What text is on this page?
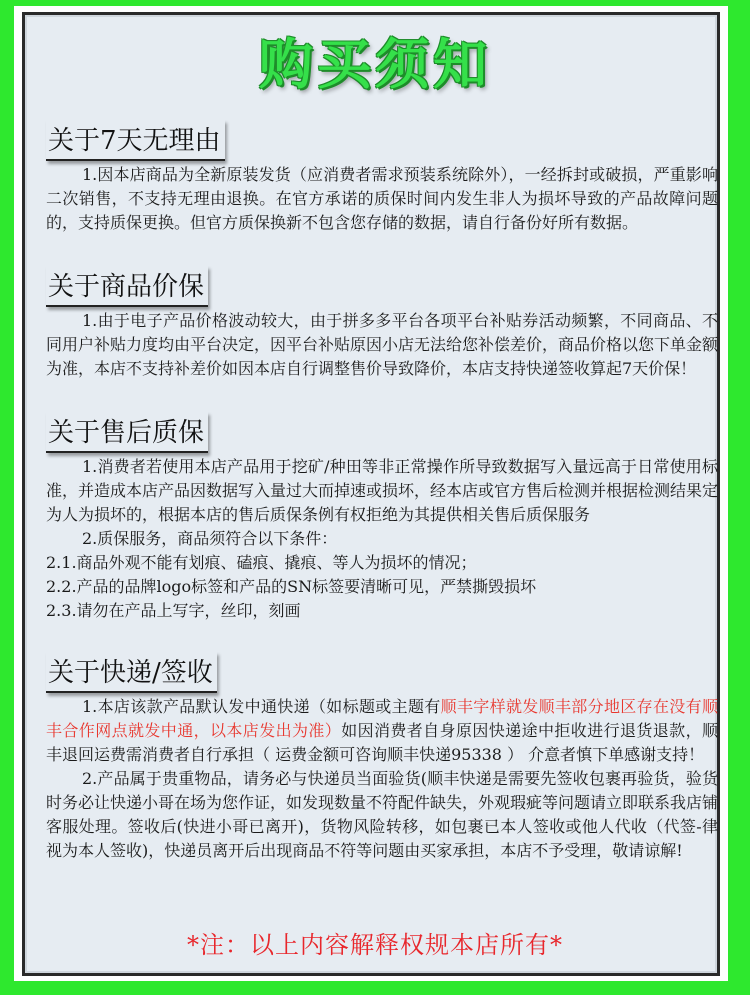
购买须知
关于7天无理由

1.因本店商品为全新原装发货（应消费者需求预装系统除外），一经拆封或破损，严重影响二次销售，不支持无理由退换。在官方承诺的质保时间内发生非人为损坏导致的产品故障问题的，支持质保更换。但官方质保换新不包含您存储的数据，请自行备份好所有数据。

关于商品价保

1.由于电子产品价格波动较大，由于拼多多平台各项平台补贴券活动频繁，不同商品、不同用户补贴力度均由平台决定，因平台补贴原因小店无法给您补偿差价，商品价格以您下单金额为准，本店不支持补差价如因本店自行调整售价导致降价，本店支持快递签收算起7天价保！

关于售后质保

1.消费者若使用本店产品用于挖矿/种田等非正常操作所导致数据写入量远高于日常使用标准，并造成本店产品因数据写入量过大而掉速或损坏，经本店或官方售后检测并根据检测结果定为人为损坏的，根据本店的售后质保条例有权拒绝为其提供相关售后质保服务

2.质保服务，商品须符合以下条件：

2.1.商品外观不能有划痕、磕痕、撬痕、等人为损坏的情况；

2.2.产品的品牌logo标签和产品的SN标签要清晰可见，严禁撕毁损坏

2.3.请勿在产品上写字，丝印，刻画

关于快递/签收

1.本店该款产品默认发中通快递（如标题或主题有顺丰字样就发顺丰部分地区存在没有顺丰合作网点就发中通，以本店发出为准）如因消费者自身原因快递途中拒收进行退货退款，顺丰退回运费需消费者自行承担（ 运费金额可咨询顺丰快递95338 ） 介意者慎下单感谢支持！

2.产品属于贵重物品，请务必与快递员当面验货(顺丰快递是需要先签收包裹再验货，验货时务必让快递小哥在场为您作证，如发现数量不符配件缺失，外观瑕疵等问题请立即联系我店铺客服处理。签收后(快进小哥已离开)，货物风险转移，如包裹已本人签收或他人代收（代签-律视为本人签收)，快递员离开后出现商品不符等问题由买家承担，本店不予受理，敬请谅解!

*注：以上内容解释权规本店所有*
